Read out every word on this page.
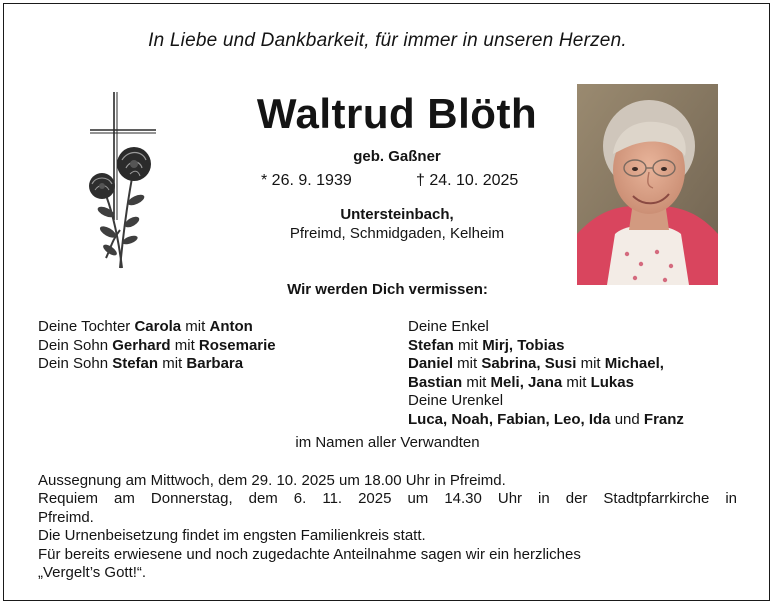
In Liebe und Dankbarkeit, für immer in unseren Herzen.
Waltrud Blöth
geb. Gaßner
* 26. 9. 1939	† 24. 10. 2025
Untersteinbach,
Pfreimd, Schmidgaden, Kelheim
Wir werden Dich vermissen:
Deine Tochter Carola mit Anton
Dein Sohn Gerhard mit Rosemarie
Dein Sohn Stefan mit Barbara
Deine Enkel
Stefan mit Mirj, Tobias
Daniel mit Sabrina, Susi mit Michael,
Bastian mit Meli, Jana mit Lukas
Deine Urenkel
Luca, Noah, Fabian, Leo, Ida und Franz
im Namen aller Verwandten
Aussegnung am Mittwoch, dem 29. 10. 2025 um 18.00 Uhr in Pfreimd.
Requiem am Donnerstag, dem 6. 11. 2025 um 14.30 Uhr in der Stadtpfarrkirche in
Pfreimd.
Die Urnenbeisetzung findet im engsten Familienkreis statt.
Für bereits erwiesene und noch zugedachte Anteilnahme sagen wir ein herzliches
„Vergelt’s Gott!“.
